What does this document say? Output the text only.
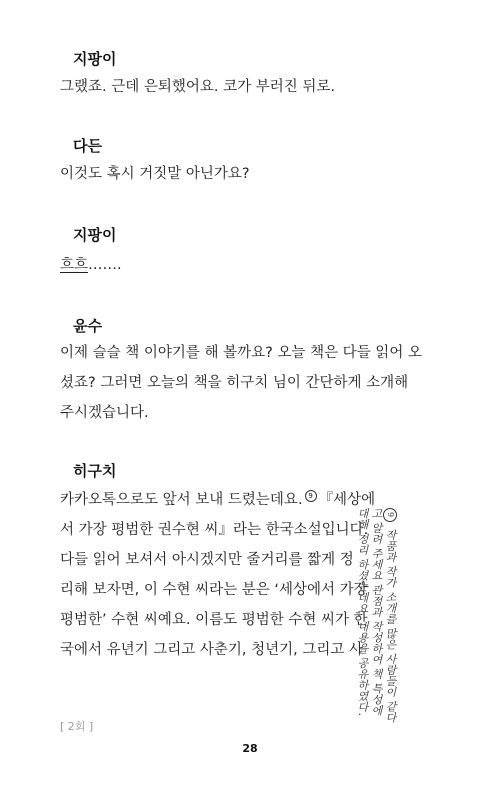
지팡이
그랬죠. 근데 은퇴했어요. 코가 부러진 뒤로.
다든
이것도 혹시 거짓말 아닌가요?
지팡이
흐흐…….
윤수
이제 슬슬 책 이야기를 해 볼까요? 오늘 책은 다들 읽어 오
셨죠? 그러면 오늘의 책을 히구치 님이 간단하게 소개해
주시겠습니다.
히구치
카카오톡으로도 앞서 보내 드렸는데요. 9 『세상에
서 가장 평범한 권수현 씨』라는 한국소설입니다.
다들 읽어 보셔서 아시겠지만 줄거리를 짧게 정
리해 보자면, 이 수현 씨라는 분은 ‘세상에서 가장
평범한’ 수현 씨예요. 이름도 평범한 수현 씨가 한
국에서 유년기 그리고 사춘기, 청년기, 그리고 사
9 작품과 작가 소개를 많은 사람들이 같다고 알려 주세요 관점과 작성하여 책 특성에 대해 정리 하셨는데요, 내용을 공유하였다.
[ 2회 ]
28
